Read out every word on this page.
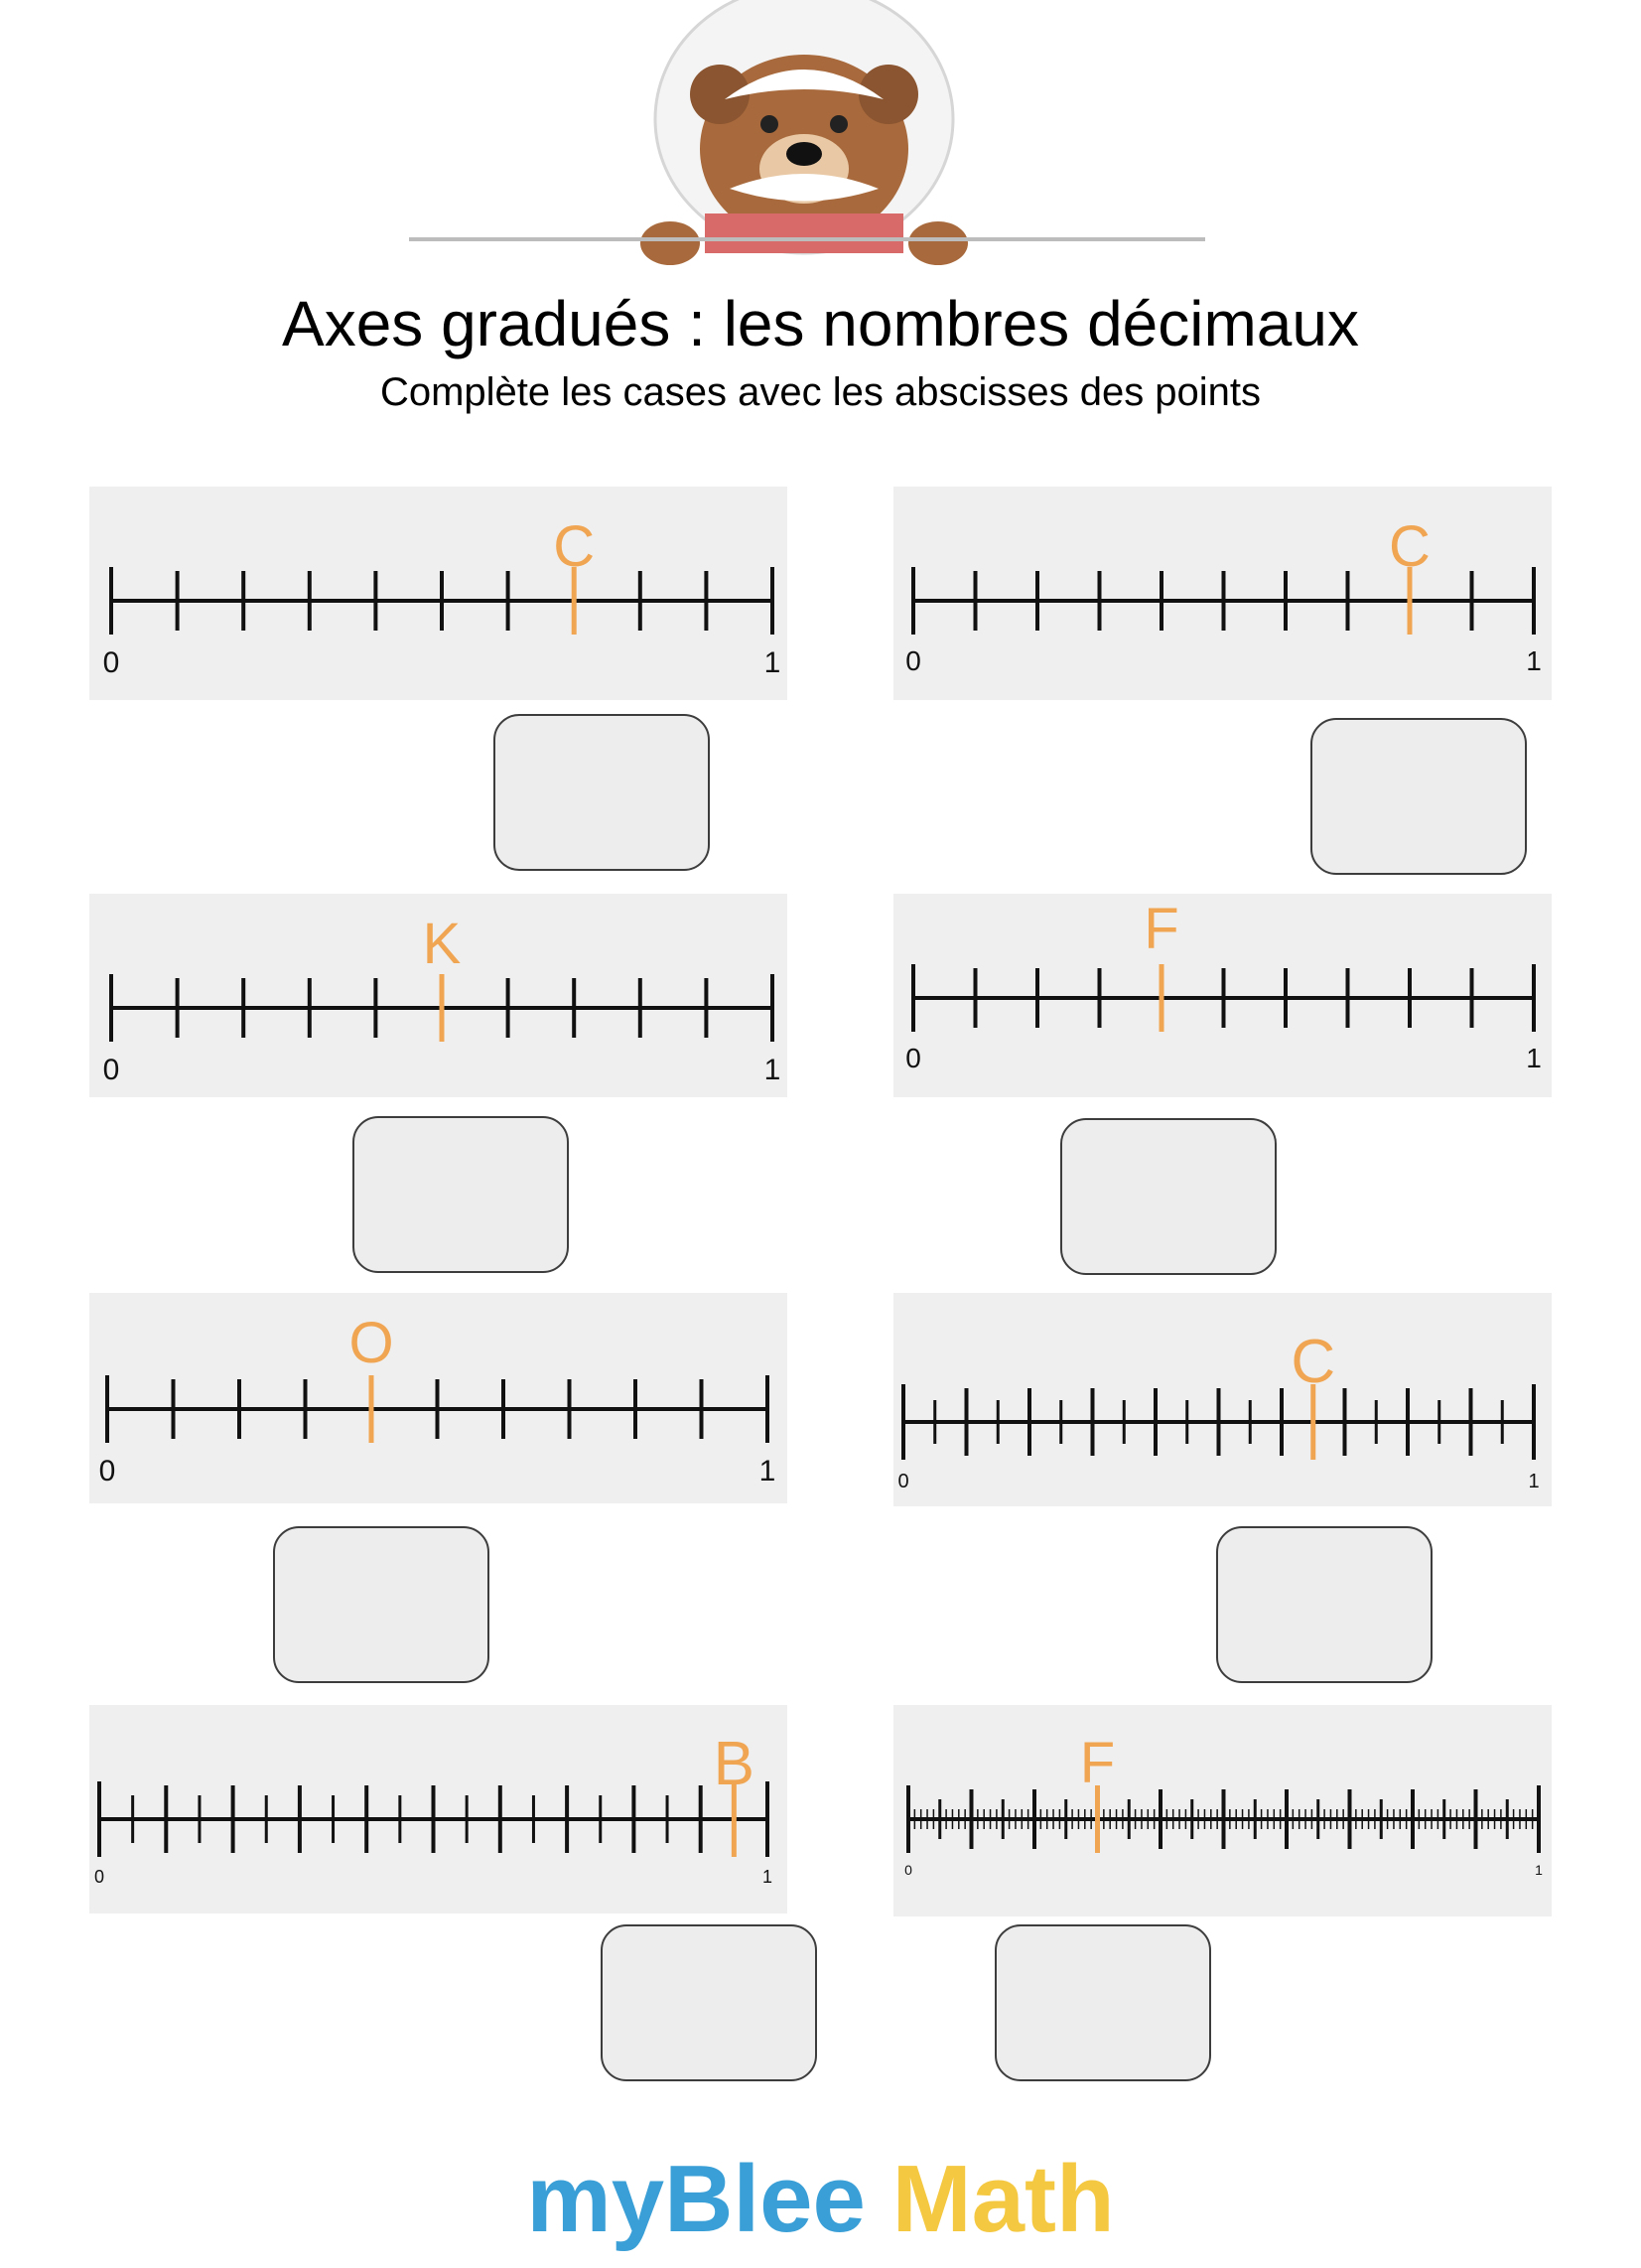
Axes gradués : les nombres décimaux
Complète les cases avec les abscisses des points
C
0	1
C
0	1
K
0	1
F
0	1
O
0	1
C
0	1
B
0	1
F
0	1
myBlee Math
